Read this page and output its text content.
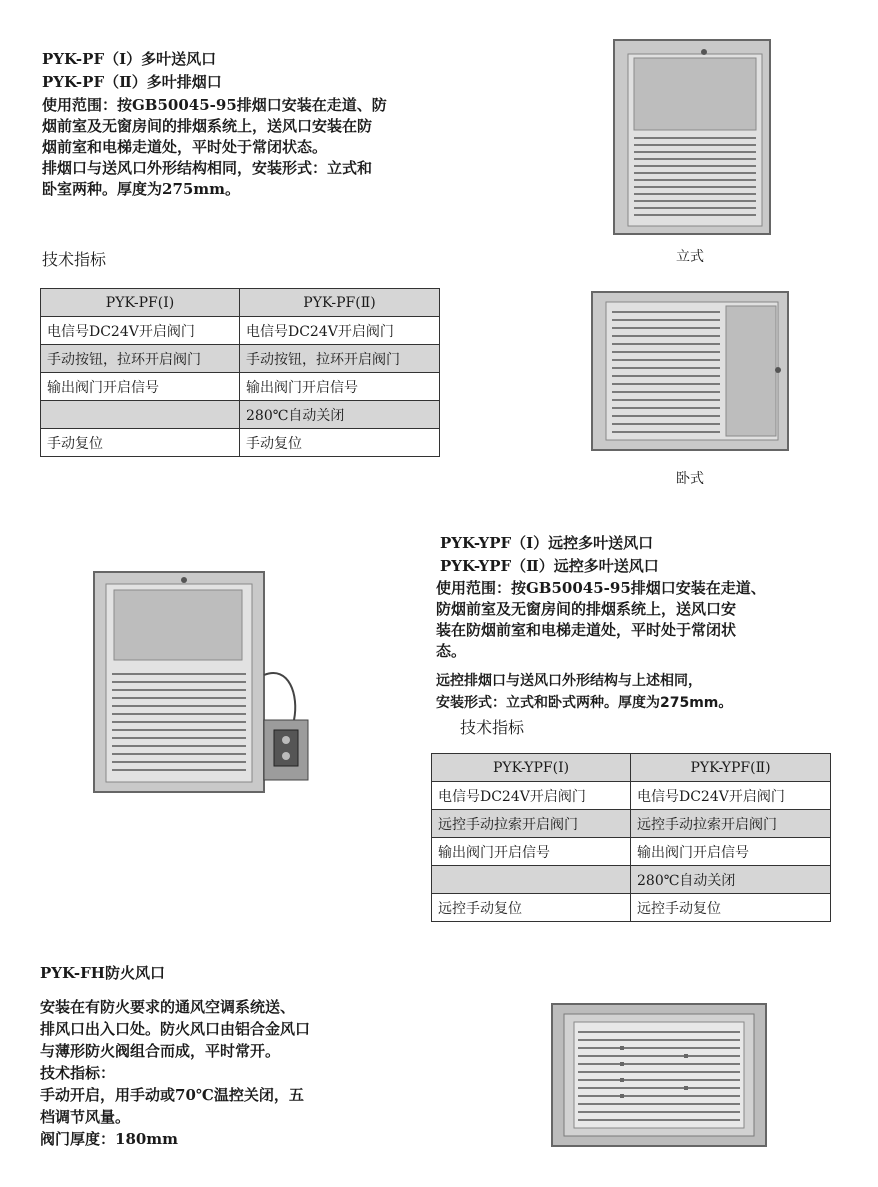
PYK-PF（Ⅰ）多叶送风口
PYK-PF（Ⅱ）多叶排烟口
使用范围：按GB50045-95排烟口安装在走道、防
烟前室及无窗房间的排烟系统上，送风口安装在防
烟前室和电梯走道处，平时处于常闭状态。
排烟口与送风口外形结构相同，安装形式：立式和
卧室两种。厚度为275mm。
技术指标
PYK-PF(Ⅰ)	PYK-PF(Ⅱ)
电信号DC24V开启阀门	电信号DC24V开启阀门
手动按钮，拉环开启阀门	手动按钮，拉环开启阀门
输出阀门开启信号	输出阀门开启信号
	280℃自动关闭
手动复位	手动复位
立式
卧式
PYK-YPF（Ⅰ）远控多叶送风口
PYK-YPF（Ⅱ）远控多叶送风口
使用范围：按GB50045-95排烟口安装在走道、
防烟前室及无窗房间的排烟系统上，送风口安
装在防烟前室和电梯走道处，平时处于常闭状
态。
远控排烟口与送风口外形结构与上述相同，
安装形式：立式和卧式两种。厚度为275mm。
技术指标
PYK-YPF(Ⅰ)	PYK-YPF(Ⅱ)
电信号DC24V开启阀门	电信号DC24V开启阀门
远控手动拉索开启阀门	远控手动拉索开启阀门
输出阀门开启信号	输出阀门开启信号
	280℃自动关闭
远控手动复位	远控手动复位
PYK-FH防火风口
安装在有防火要求的通风空调系统送、
排风口出入口处。防火风口由铝合金风口
与薄形防火阀组合而成，平时常开。
技术指标：
手动开启，用手动或70℃温控关闭，五
档调节风量。
阀门厚度：180mm
